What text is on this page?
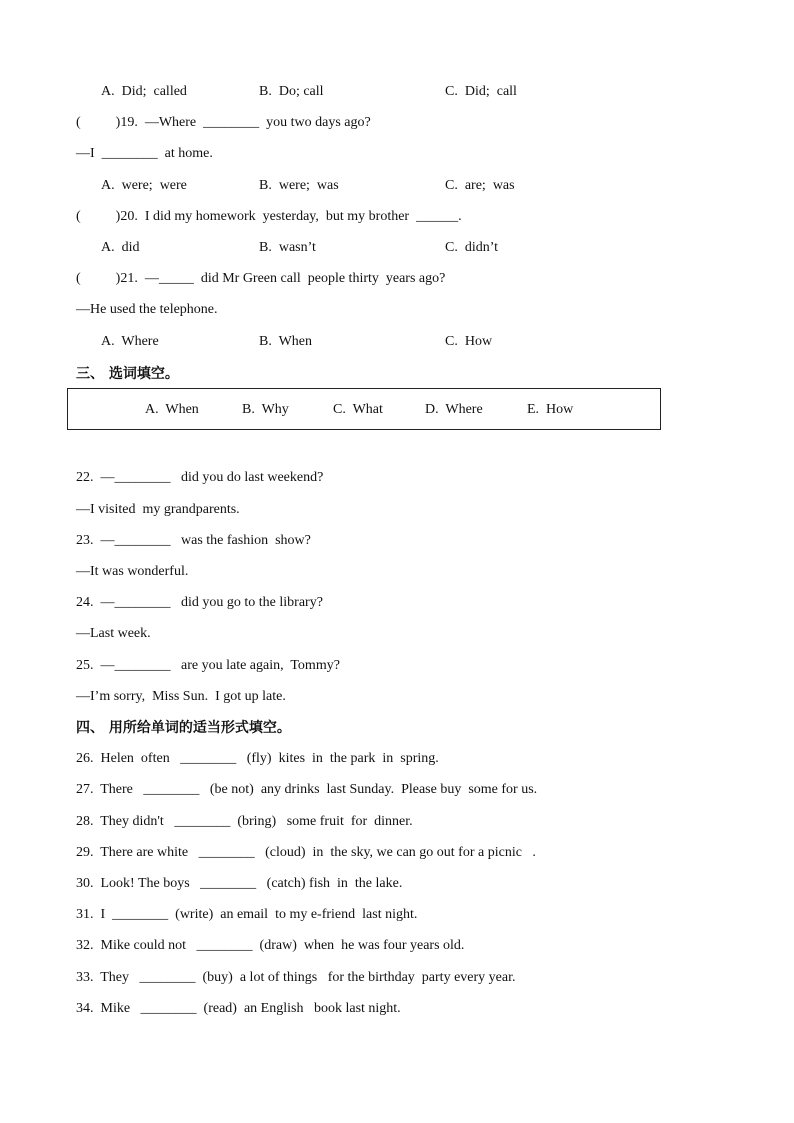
A.  Did;  called	B.  Do; call	C.  Did;  call
(          )19.  —Where  ________  you two days ago?
—I  ________  at home.
A.  were;  were	B.  were;  was	C.  are;  was
(          )20.  I did my homework  yesterday,  but my brother  ______.
A.  did	B.  wasn’t	C.  didn’t
(          )21.  —_____  did Mr Green call  people thirty  years ago?
—He used the telephone.
A.  Where	B.  When	C.  How
三、 选词填空。
A.  When	B.  Why	C.  What	D.  Where	E.  How
22.  —________   did you do last weekend?
—I visited  my grandparents.
23.  —________   was the fashion  show?
—It was wonderful.
24.  —________   did you go to the library?
—Last week.
25.  —________   are you late again,  Tommy?
—I’m sorry,  Miss Sun.  I got up late.
四、 用所给单词的适当形式填空。
26.  Helen  often   ________   (fly)  kites  in  the park  in  spring.
27.  There   ________   (be not)  any drinks  last Sunday.  Please buy  some for us.
28.  They didn't   ________  (bring)   some fruit  for  dinner.
29.  There are white   ________   (cloud)  in  the sky, we can go out for a picnic   .
30.  Look! The boys   ________   (catch) fish  in  the lake.
31.  I  ________  (write)  an email  to my e-friend  last night.
32.  Mike could not   ________  (draw)  when  he was four years old.
33.  They   ________  (buy)  a lot of things   for the birthday  party every year.
34.  Mike   ________  (read)  an English   book last night.
